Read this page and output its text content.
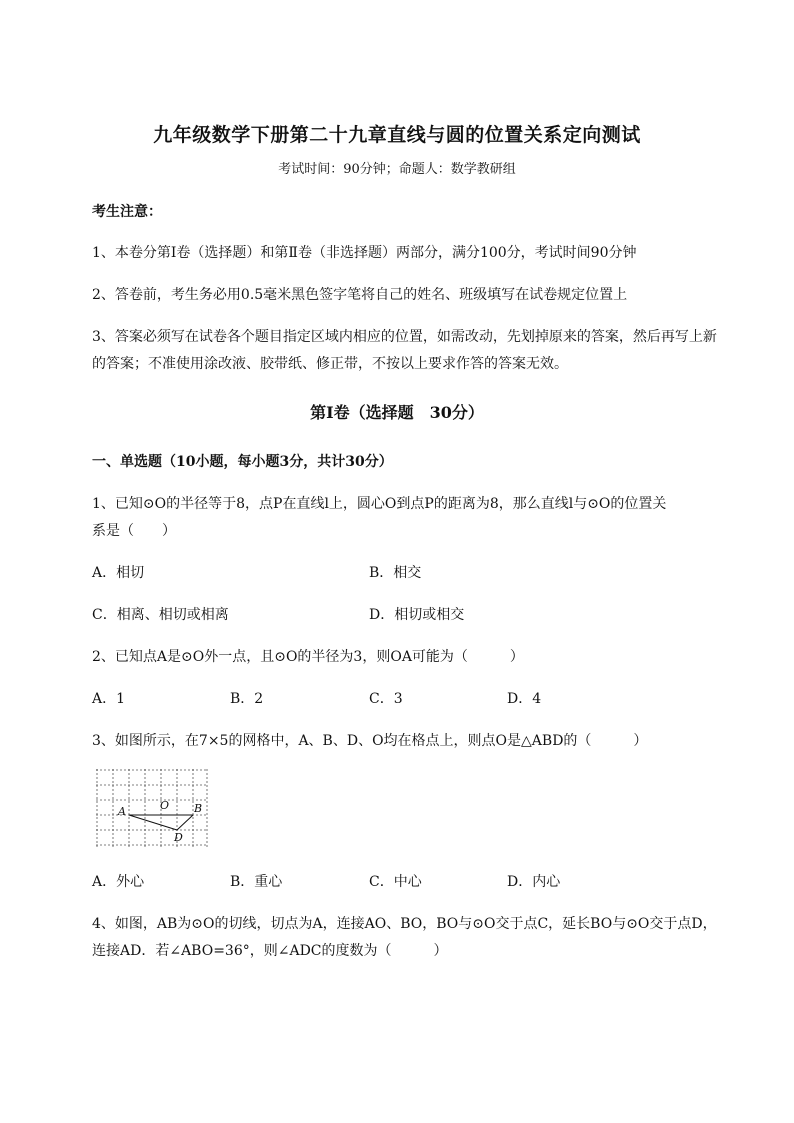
九年级数学下册第二十九章直线与圆的位置关系定向测试
考试时间：90分钟；命题人：数学教研组
考生注意：
1、本卷分第I卷（选择题）和第Ⅱ卷（非选择题）两部分，满分100分，考试时间90分钟
2、答卷前，考生务必用0.5毫米黑色签字笔将自己的姓名、班级填写在试卷规定位置上
3、答案必须写在试卷各个题目指定区域内相应的位置，如需改动，先划掉原来的答案，然后再写上新
的答案；不准使用涂改液、胶带纸、修正带，不按以上要求作答的答案无效。
第I卷（选择题　30分）
一、单选题（10小题，每小题3分，共计30分）
1、已知⊙O的半径等于8，点P在直线l上，圆心O到点P的距离为8，那么直线l与⊙O的位置关
系是（　　）
A．相切	B．相交
C．相离、相切或相离	D．相切或相交
2、已知点A是⊙O外一点，且⊙O的半径为3，则OA可能为（　　　）
A．1	B．2	C．3	D．4
3、如图所示，在7×5的网格中，A、B、D、O均在格点上，则点O是△ABD的（　　　）
A	O B
D
A．外心	B．重心	C．中心	D．内心
4、如图，AB为⊙O的切线，切点为A，连接AO、BO，BO与⊙O交于点C，延长BO与⊙O交于点D，
连接AD．若∠ABO=36°，则∠ADC的度数为（　　　）
